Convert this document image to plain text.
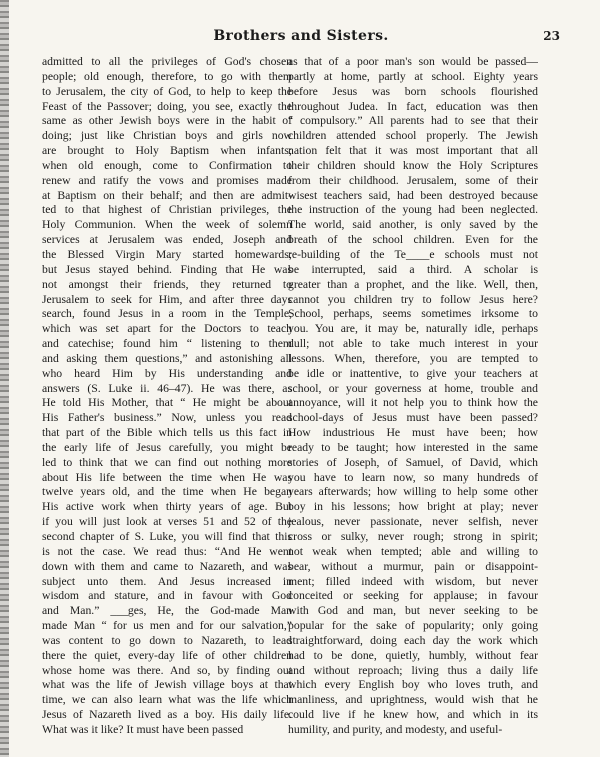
Brothers and Sisters.	23
admitted to all the privileges of God's chosen
people; old enough, therefore, to go with them
to Jerusalem, the city of God, to help to keep the
Feast of the Passover; doing, you see, exactly the
same as other Jewish boys were in the habit of
doing; just like Christian boys and girls now
are brought to Holy Baptism when infants;
when old enough, come to Confirmation to
renew and ratify the vows and promises made
at Baptism on their behalf; and then are admit-
ted to that highest of Christian privileges, the
Holy Communion. When the week of solemn
services at Jerusalem was ended, Joseph and
the Blessed Virgin Mary started homewards;
but Jesus stayed behind. Finding that He was
not amongst their friends, they returned to
Jerusalem to seek for Him, and after three days
search, found Jesus in a room in the Temple,
which was set apart for the Doctors to teach
and catechise; found him “ listening to them
and asking them questions,” and astonishing all
who heard Him by His understanding and
answers (S. Luke ii. 46–47). He was there, as
He told His Mother, that “ He might be about
His Father's business.” Now, unless you read
that part of the Bible which tells us this fact in
the early life of Jesus carefully, you might be
led to think that we can find out nothing more
about His life between the time when He was
twelve years old, and the time when He began
His active work when thirty years of age. But
if you will just look at verses 51 and 52 of the
second chapter of S. Luke, you will find that this
is not the case. We read thus: “And He went
down with them and came to Nazareth, and was
subject unto them. And Jesus increased in
wisdom and stature, and in favour with God
and Man.” ___ges, He, the God-made Man
made Man “ for us men and for our salvation,”
was content to go down to Nazareth, to lead
there the quiet, every-day life of other children
whose home was there. And so, by finding out
what was the life of Jewish village boys at that
time, we can also learn what was the life which
Jesus of Nazareth lived as a boy. His daily life.
What was it like? It must have been passed
as that of a poor man's son would be passed—
partly at home, partly at school. Eighty years
before Jesus was born schools flourished
throughout Judea. In fact, education was then
“ compulsory.” All parents had to see that their
children attended school properly. The Jewish
nation felt that it was most important that all
their children should know the Holy Scriptures
from their childhood. Jerusalem, some of their
wisest teachers said, had been destroyed because
the instruction of the young had been neglected.
The world, said another, is only saved by the
breath of the school children. Even for the
re-building of the Te____e schools must not
be interrupted, said a third. A scholar is
greater than a prophet, and the like. Well, then,
cannot you children try to follow Jesus here?
School, perhaps, seems sometimes irksome to
you. You are, it may be, naturally idle, perhaps
dull; not able to take much interest in your
lessons. When, therefore, you are tempted to
be idle or inattentive, to give your teachers at
school, or your governess at home, trouble and
annoyance, will it not help you to think how the
school-days of Jesus must have been passed?
How industrious He must have been; how
ready to be taught; how interested in the same
stories of Joseph, of Samuel, of David, which
you have to learn now, so many hundreds of
years afterwards; how willing to help some other
boy in his lessons; how bright at play; never
jealous, never passionate, never selfish, never
cross or sulky, never rough; strong in spirit;
not weak when tempted; able and willing to
bear, without a murmur, pain or disappoint-
ment; filled indeed with wisdom, but never
conceited or seeking for applause; in favour
with God and man, but never seeking to be
popular for the sake of popularity; only going
straightforward, doing each day the work which
had to be done, quietly, humbly, without fear
and without reproach; living thus a daily life
which every English boy who loves truth, and
manliness, and uprightness, would wish that he
could live if he knew how, and which in its
humility, and purity, and modesty, and useful-
